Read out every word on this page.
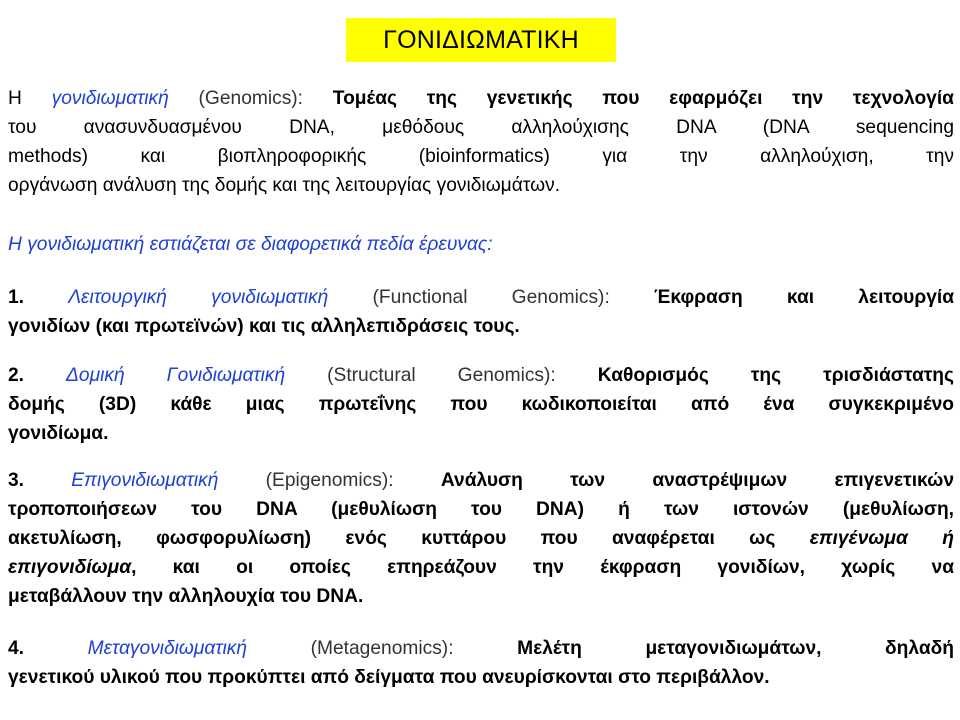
ΓΟΝΙΔΙΩΜΑΤΙΚΗ

Η γονιδιωματική (Genomics): Τομέας της γενετικής που εφαρμόζει την τεχνολογία
του ανασυνδυασμένου DNA, μεθόδους αλληλούχισης DNA (DNA sequencing
methods) και βιοπληροφορικής (bioinformatics) για την αλληλούχιση, την
οργάνωση ανάλυση της δομής και της λειτουργίας γονιδιωμάτων.

Η γονιδιωματική εστιάζεται σε διαφορετικά πεδία έρευνας:

1. Λειτουργική γονιδιωματική (Functional Genomics): Έκφραση και λειτουργία
γονιδίων (και πρωτεϊνών) και τις αλληλεπιδράσεις τους.

2. Δομική Γονιδιωματική (Structural Genomics): Καθορισμός της τρισδιάστατης
δομής (3D) κάθε μιας πρωτεΐνης που κωδικοποιείται από ένα συγκεκριμένο
γονιδίωμα.

3. Επιγονιδιωματική (Epigenomics): Ανάλυση των αναστρέψιμων επιγενετικών
τροποποιήσεων του DNA (μεθυλίωση του DNA) ή των ιστονών (μεθυλίωση,
ακετυλίωση, φωσφορυλίωση) ενός κυττάρου που αναφέρεται ως επιγένωμα ή
επιγονιδίωμα, και οι οποίες επηρεάζουν την έκφραση γονιδίων, χωρίς να
μεταβάλλουν την αλληλουχία του DNA.

4.	Μεταγονιδιωματική	(Metagenomics):	Μελέτη μεταγονιδιωμάτων, δηλαδή
γενετικού υλικού που προκύπτει από δείγματα που ανευρίσκονται στο περιβάλλον.
